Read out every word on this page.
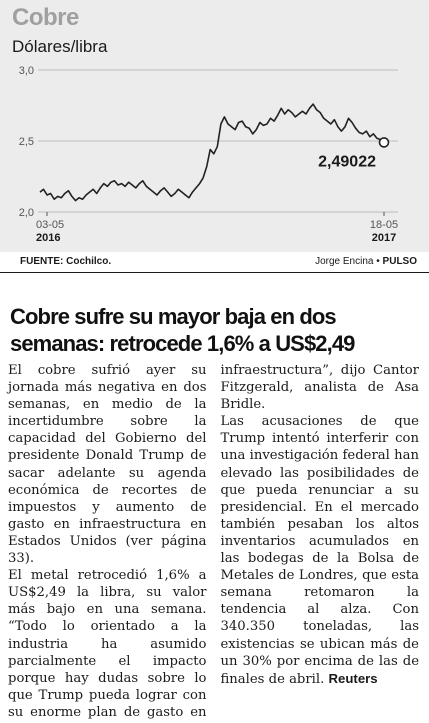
Cobre
Dólares/libra
3,0
2,5
2,0
03-05
2016
18-05
2017
2,49022
FUENTE: Cochilco.	Jorge Encina • PULSO
Cobre sufre su mayor baja en dos semanas: retrocede 1,6% a US$2,49

El cobre sufrió ayer su jornada más negativa en dos semanas, en medio de la incertidumbre sobre la capacidad del Gobierno del presidente Donald Trump de sacar adelante su agenda económica de recortes de impuestos y aumento de gasto en infraestructura en Estados Unidos (ver página 33).

El metal retrocedió 1,6% a US$2,49 la libra, su valor más bajo en una semana. “Todo lo orientado a la industria ha asumido parcialmente el impacto porque hay dudas sobre lo que Trump pueda lograr con su enorme plan de gasto en infraestructura”, dijo Cantor Fitzgerald, analista de Asa Bridle.

Las acusaciones de que Trump intentó interferir con una investigación federal han elevado las posibilidades de que pueda renunciar a su presidencial. En el mercado también pesaban los altos inventarios acumulados en las bodegas de la Bolsa de Metales de Londres, que esta semana retomaron la tendencia al alza. Con 340.350 toneladas, las existencias se ubican más de un 30% por encima de las de finales de abril. Reuters
